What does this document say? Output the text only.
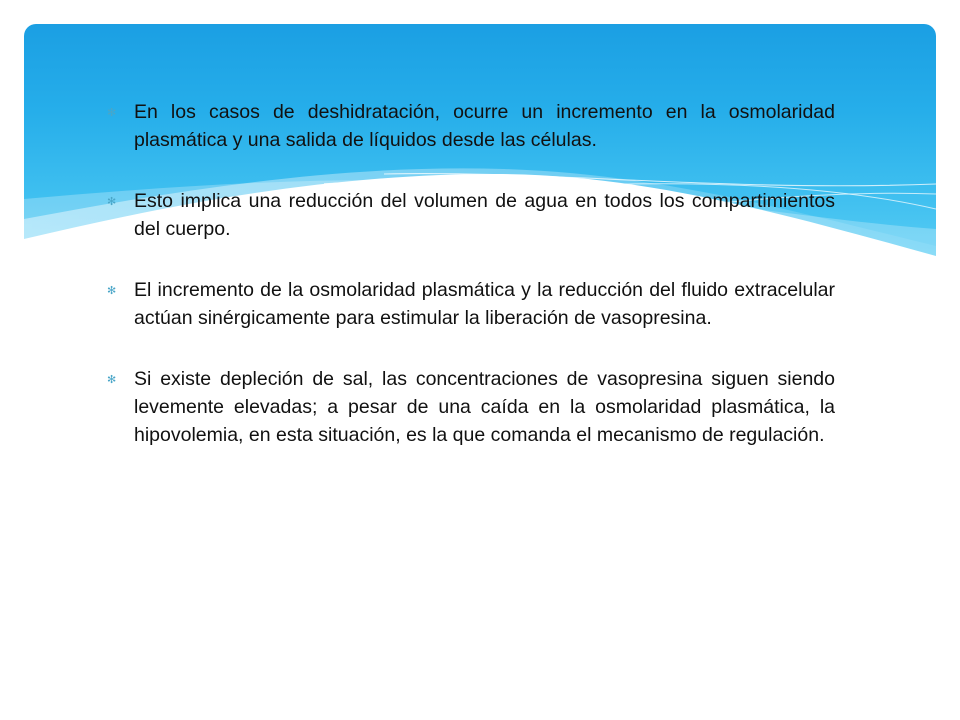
✻ En los casos de deshidratación, ocurre un incremento en la osmolaridad plasmática y una salida de líquidos desde las células.
✻ Esto implica una reducción del volumen de agua en todos los compartimientos del cuerpo.
✻ El incremento de la osmolaridad plasmática y la reducción del fluido extracelular actúan sinérgicamente para estimular la liberación de vasopresina.
✻ Si existe depleción de sal, las concentraciones de vasopresina siguen siendo levemente elevadas; a pesar de una caída en la osmolaridad plasmática, la hipovolemia, en esta situación, es la que comanda el mecanismo de regulación.
